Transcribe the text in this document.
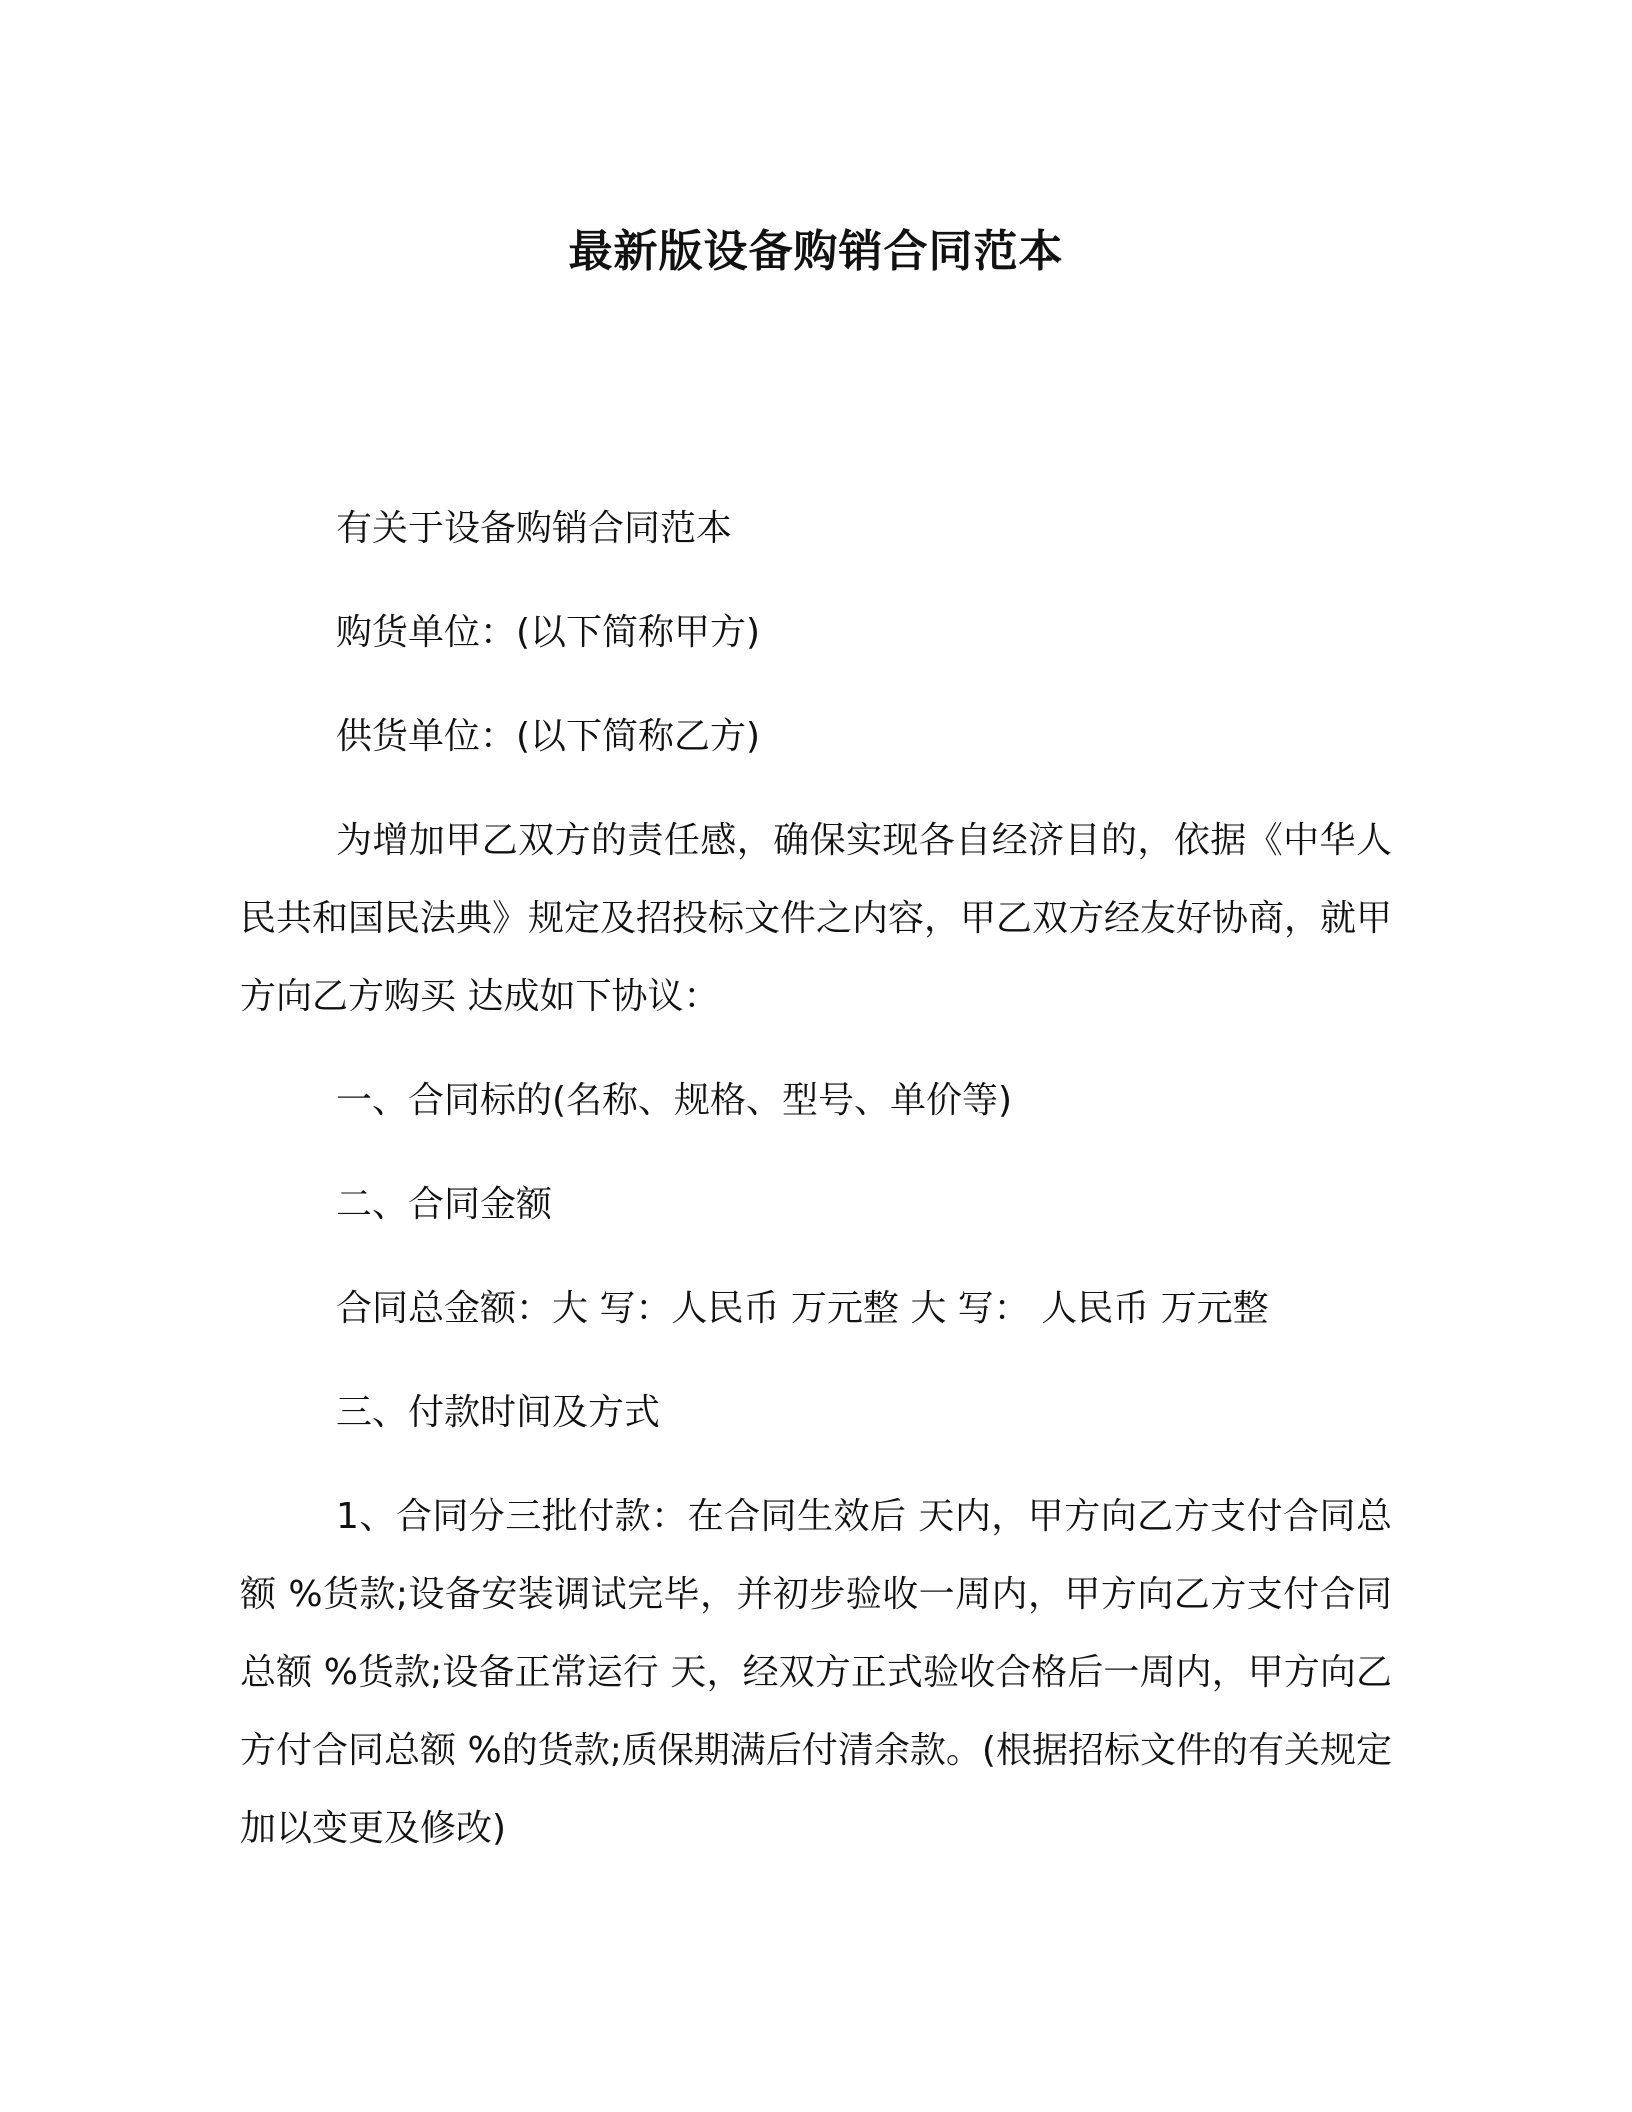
最新版设备购销合同范本

有关于设备购销合同范本

购货单位：(以下简称甲方)

供货单位：(以下简称乙方)

为增加甲乙双方的责任感，确保实现各自经济目的，依据《中华人民共和国民法典》规定及招投标文件之内容，甲乙双方经友好协商，就甲方向乙方购买 达成如下协议：

一、合同标的(名称、规格、型号、单价等)

二、合同金额

合同总金额：大 写：人民币 万元整 大 写： 人民币 万元整

三、付款时间及方式

1、合同分三批付款：在合同生效后 天内，甲方向乙方支付合同总额 %货款;设备安装调试完毕，并初步验收一周内，甲方向乙方支付合同总额 %货款;设备正常运行 天，经双方正式验收合格后一周内，甲方向乙方付合同总额 %的货款;质保期满后付清余款。(根据招标文件的有关规定加以变更及修改)
